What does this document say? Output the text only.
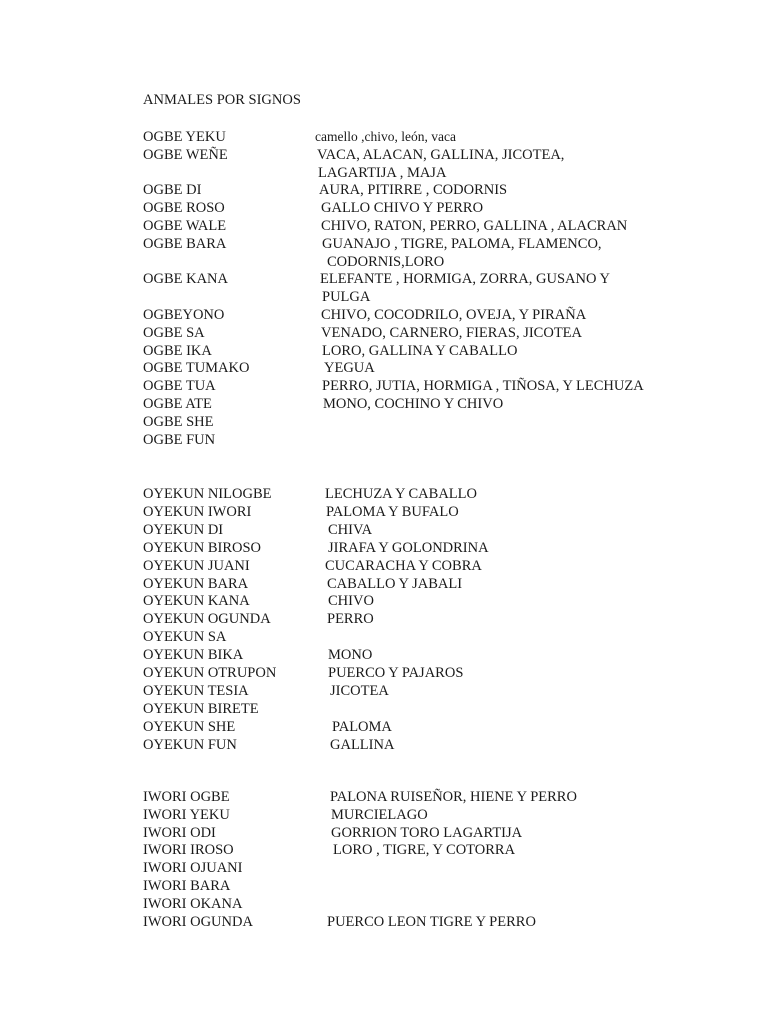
ANMALES POR SIGNOS
OGBE YEKU	camello ,chivo, león, vaca
OGBE WEÑE	VACA, ALACAN, GALLINA, JICOTEA,
LAGARTIJA , MAJA
OGBE DI	AURA, PITIRRE , CODORNIS
OGBE ROSO	GALLO CHIVO Y PERRO
OGBE WALE	CHIVO, RATON, PERRO, GALLINA , ALACRAN
OGBE BARA	GUANAJO , TIGRE, PALOMA, FLAMENCO,
CODORNIS,LORO
OGBE KANA	ELEFANTE , HORMIGA, ZORRA, GUSANO Y
PULGA
OGBEYONO	CHIVO, COCODRILO, OVEJA, Y PIRAÑA
OGBE SA	VENADO, CARNERO, FIERAS, JICOTEA
OGBE IKA	LORO, GALLINA Y CABALLO
OGBE TUMAKO	YEGUA
OGBE TUA	PERRO, JUTIA, HORMIGA , TIÑOSA, Y LECHUZA
OGBE ATE	MONO, COCHINO Y CHIVO
OGBE SHE
OGBE FUN
OYEKUN NILOGBE	LECHUZA Y CABALLO
OYEKUN IWORI	PALOMA Y BUFALO
OYEKUN DI	CHIVA
OYEKUN BIROSO	JIRAFA Y GOLONDRINA
OYEKUN JUANI	CUCARACHA Y COBRA
OYEKUN BARA	CABALLO Y JABALI
OYEKUN KANA	CHIVO
OYEKUN OGUNDA	PERRO
OYEKUN SA
OYEKUN BIKA	MONO
OYEKUN OTRUPON	PUERCO Y PAJAROS
OYEKUN TESIA	JICOTEA
OYEKUN BIRETE
OYEKUN SHE	PALOMA
OYEKUN FUN	GALLINA
IWORI OGBE	PALONA RUISEÑOR, HIENE Y PERRO
IWORI YEKU	MURCIELAGO
IWORI ODI	GORRION TORO LAGARTIJA
IWORI IROSO	LORO , TIGRE, Y COTORRA
IWORI OJUANI
IWORI BARA
IWORI OKANA
IWORI OGUNDA	PUERCO LEON TIGRE Y PERRO
